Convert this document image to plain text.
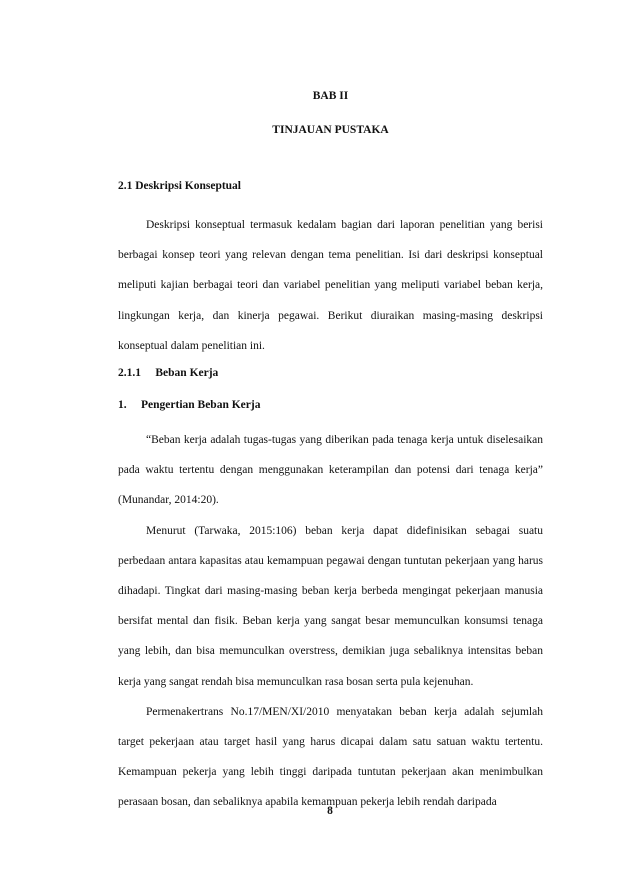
BAB II
TINJAUAN PUSTAKA

2.1 Deskripsi Konseptual

Deskripsi konseptual termasuk kedalam bagian dari laporan penelitian yang berisi berbagai konsep teori yang relevan dengan tema penelitian. Isi dari deskripsi konseptual meliputi kajian berbagai teori dan variabel penelitian yang meliputi variabel beban kerja, lingkungan kerja, dan kinerja pegawai. Berikut diuraikan masing-masing deskripsi konseptual dalam penelitian ini.

2.1.1     Beban Kerja

1.     Pengertian Beban Kerja

“Beban kerja adalah tugas-tugas yang diberikan pada tenaga kerja untuk diselesaikan pada waktu tertentu dengan menggunakan keterampilan dan potensi dari tenaga kerja” (Munandar, 2014:20).

Menurut (Tarwaka, 2015:106) beban kerja dapat didefinisikan sebagai suatu perbedaan antara kapasitas atau kemampuan pegawai dengan tuntutan pekerjaan yang harus dihadapi. Tingkat dari masing-masing beban kerja berbeda mengingat pekerjaan manusia bersifat mental dan fisik. Beban kerja yang sangat besar memunculkan konsumsi tenaga yang lebih, dan bisa memunculkan overstress, demikian juga sebaliknya intensitas beban kerja yang sangat rendah bisa memunculkan rasa bosan serta pula kejenuhan.

Permenakertrans No.17/MEN/XI/2010 menyatakan beban kerja adalah sejumlah target pekerjaan atau target hasil yang harus dicapai dalam satu satuan waktu tertentu. Kemampuan pekerja yang lebih tinggi daripada tuntutan pekerjaan akan menimbulkan perasaan bosan, dan sebaliknya apabila kemampuan pekerja lebih rendah daripada

8
